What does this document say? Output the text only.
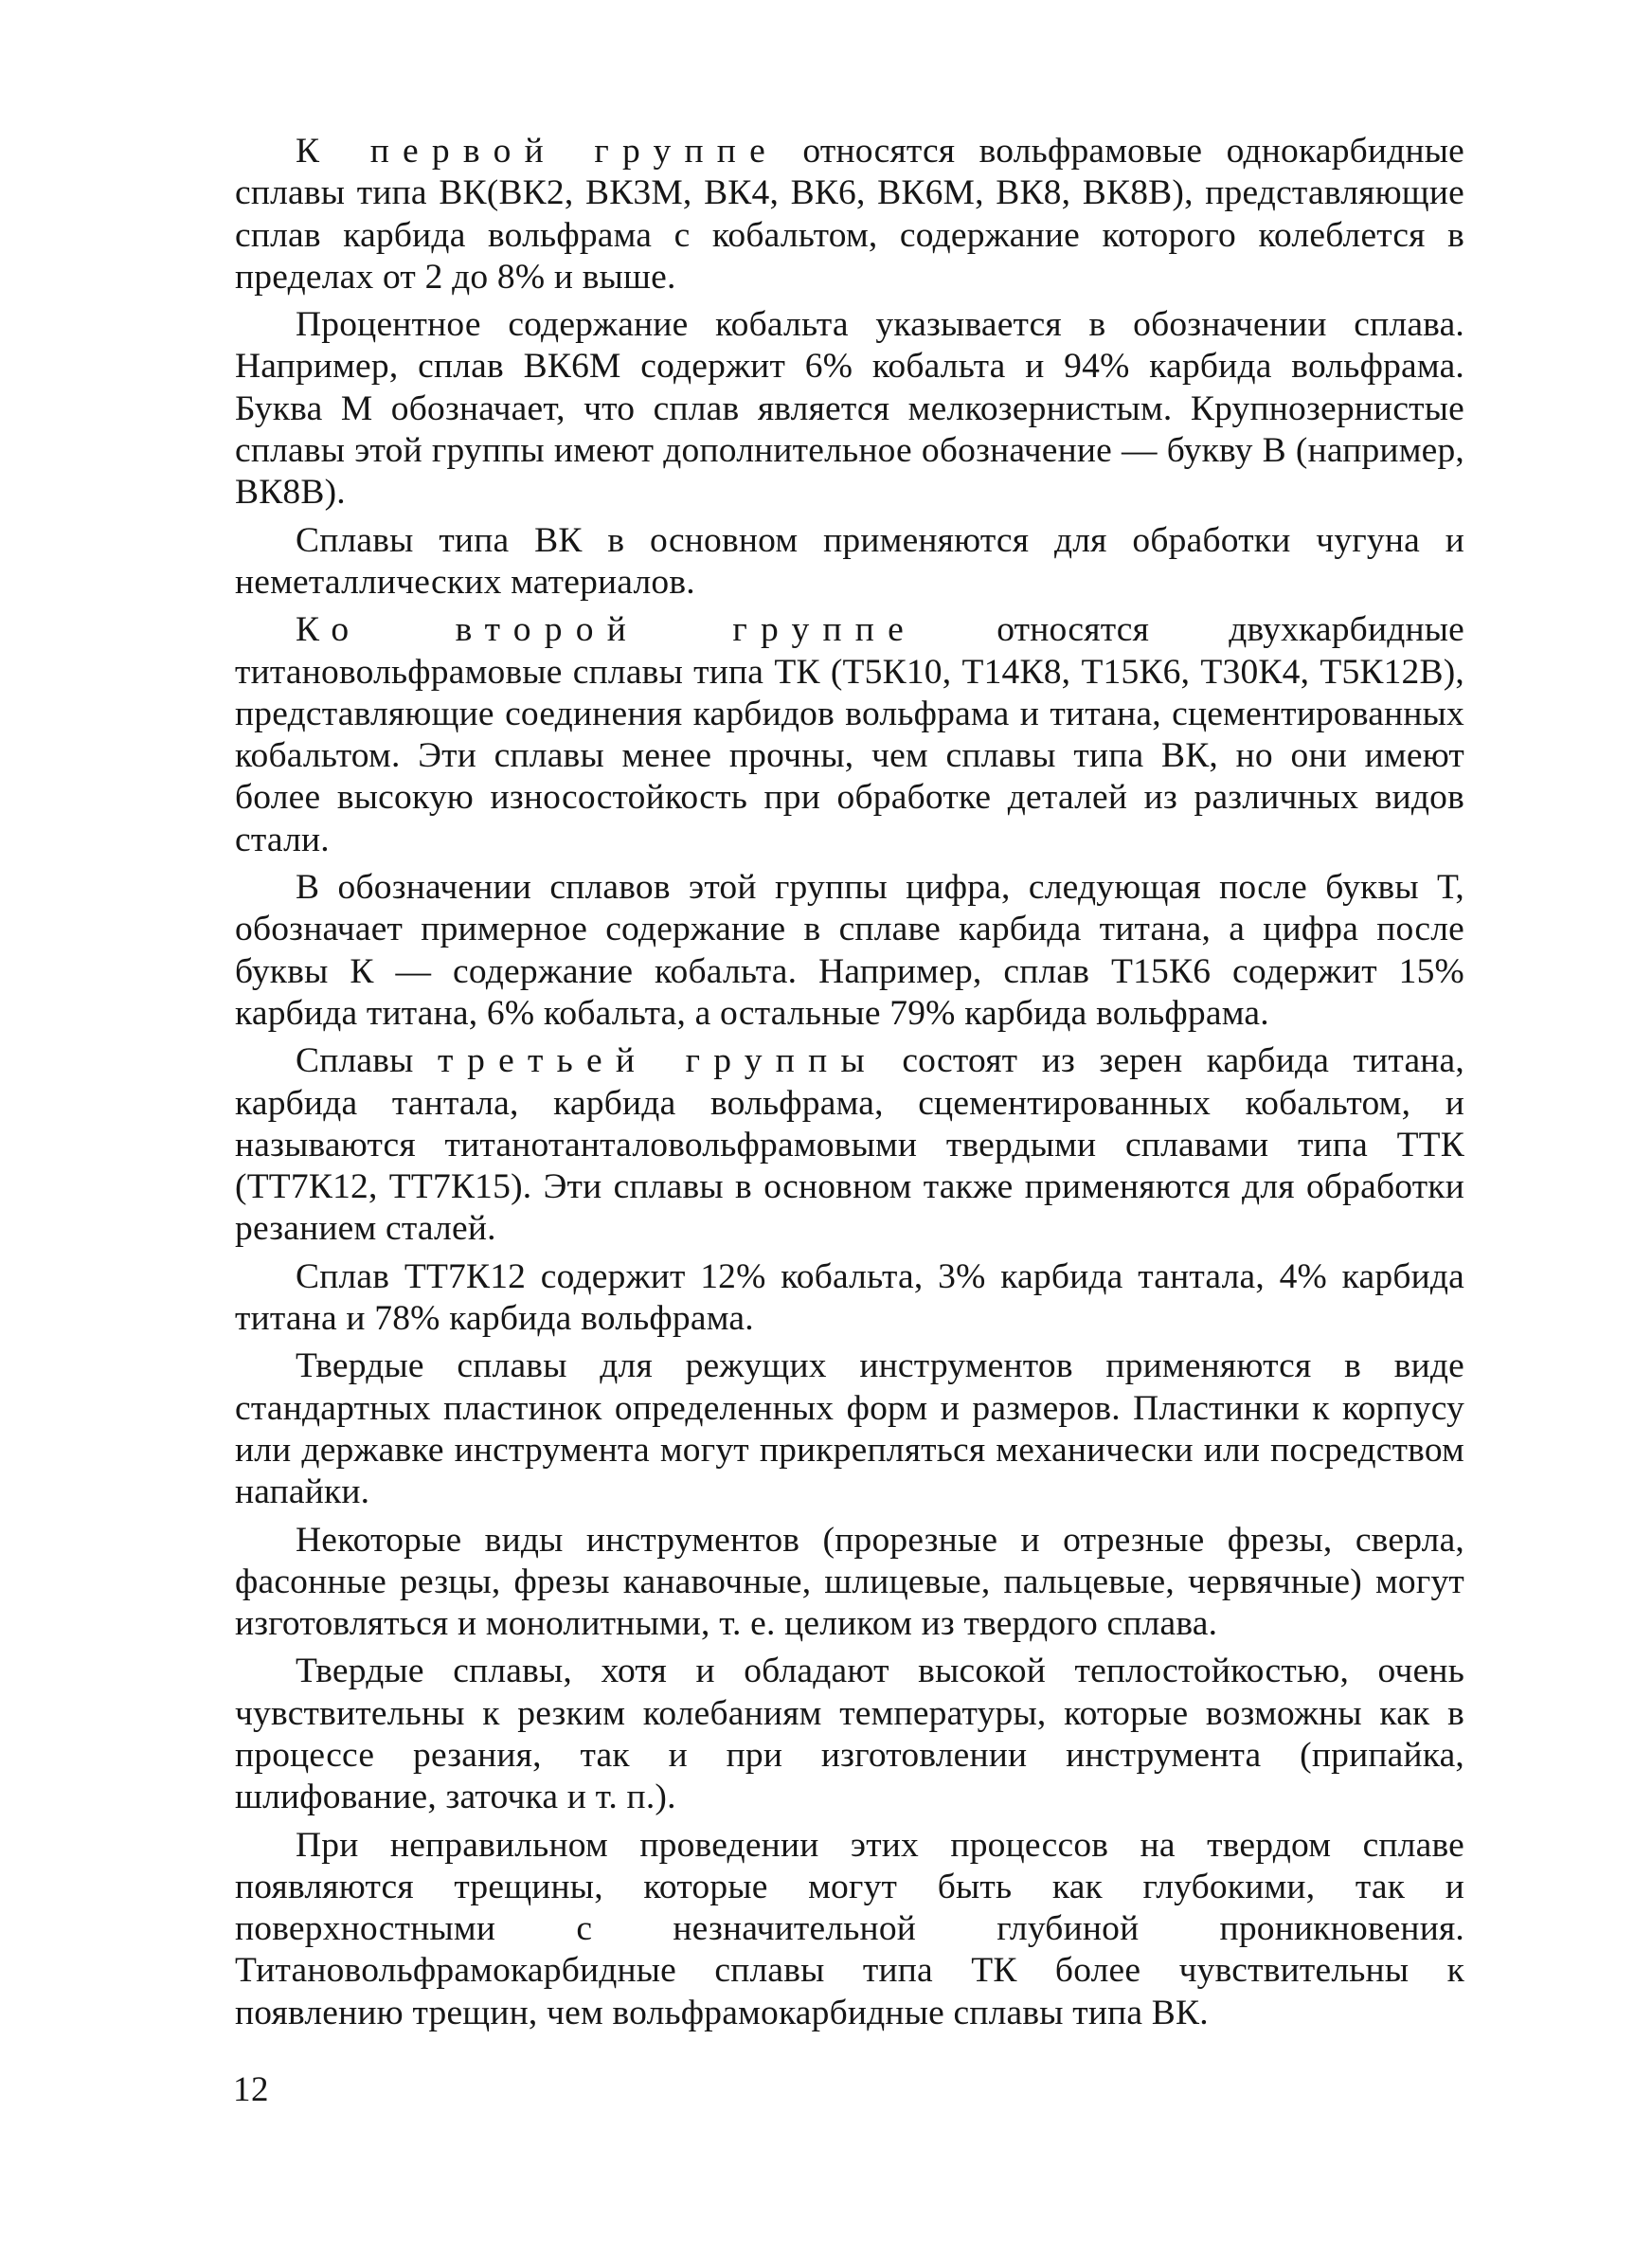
К первой группе относятся вольфрамовые однокарбидные сплавы типа ВК(ВК2, ВК3М, ВК4, ВК6, ВК6М, ВК8, ВК8В), представляющие сплав карбида вольфрама с кобальтом, содержание которого колеблется в пределах от 2 до 8% и выше.

Процентное содержание кобальта указывается в обозначении сплава. Например, сплав ВК6М содержит 6% кобальта и 94% карбида вольфрама. Буква М обозначает, что сплав является мелкозернистым. Крупнозернистые сплавы этой группы имеют дополнительное обозначение — букву В (например, ВК8В).

Сплавы типа ВК в основном применяются для обработки чугуна и неметаллических материалов.

Ко второй группе относятся двухкарбидные титановольфрамовые сплавы типа ТК (Т5К10, Т14К8, Т15К6, Т30К4, Т5К12В), представляющие соединения карбидов вольфрама и титана, сцементированных кобальтом. Эти сплавы менее прочны, чем сплавы типа ВК, но они имеют более высокую износостойкость при обработке деталей из различных видов стали.

В обозначении сплавов этой группы цифра, следующая после буквы Т, обозначает примерное содержание в сплаве карбида титана, а цифра после буквы К — содержание кобальта. Например, сплав Т15К6 содержит 15% карбида титана, 6% кобальта, а остальные 79% карбида вольфрама.

Сплавы третьей группы состоят из зерен карбида титана, карбида тантала, карбида вольфрама, сцементированных кобальтом, и называются титанотанталовольфрамовыми твердыми сплавами типа ТТК (ТТ7К12, ТТ7К15). Эти сплавы в основном также применяются для обработки резанием сталей.

Сплав ТТ7К12 содержит 12% кобальта, 3% карбида тантала, 4% карбида титана и 78% карбида вольфрама.

Твердые сплавы для режущих инструментов применяются в виде стандартных пластинок определенных форм и размеров. Пластинки к корпусу или державке инструмента могут прикрепляться механически или посредством напайки.

Некоторые виды инструментов (прорезные и отрезные фрезы, сверла, фасонные резцы, фрезы канавочные, шлицевые, пальцевые, червячные) могут изготовляться и монолитными, т. е. целиком из твердого сплава.

Твердые сплавы, хотя и обладают высокой теплостойкостью, очень чувствительны к резким колебаниям температуры, которые возможны как в процессе резания, так и при изготовлении инструмента (припайка, шлифование, заточка и т. п.).

При неправильном проведении этих процессов на твердом сплаве появляются трещины, которые могут быть как глубокими, так и поверхностными с незначительной глубиной проникновения. Титановольфрамокарбидные сплавы типа ТК более чувствительны к появлению трещин, чем вольфрамокарбидные сплавы типа ВК.

12
